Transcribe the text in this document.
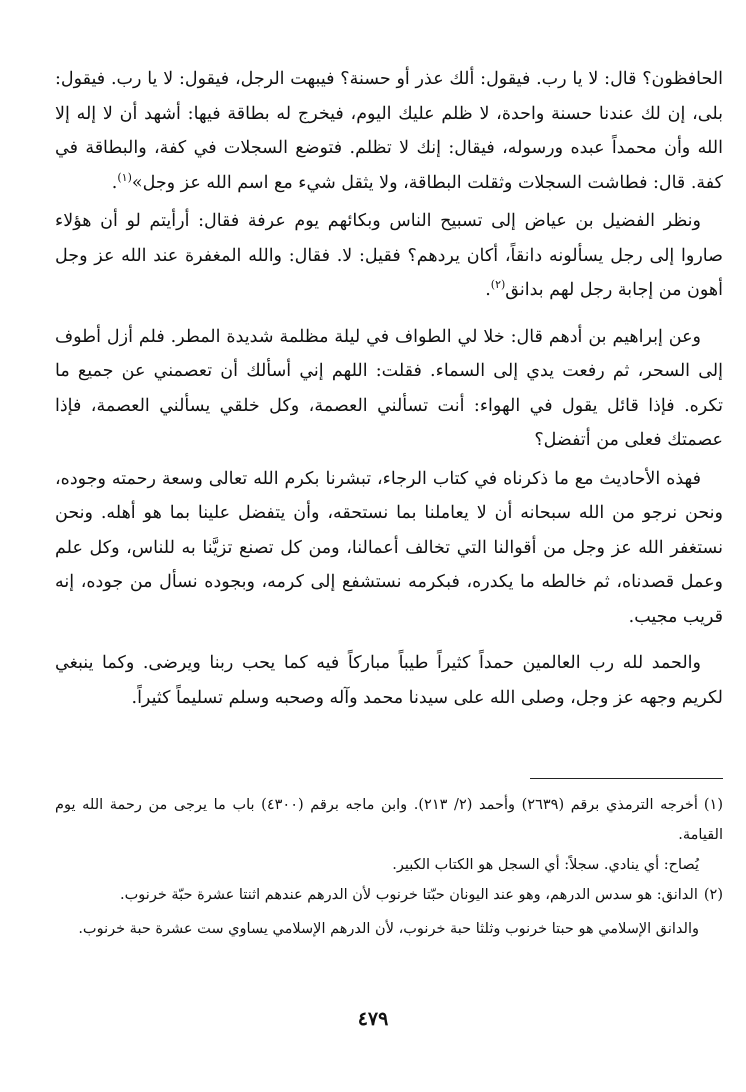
الحافظون؟ قال: لا يا رب. فيقول: ألك عذر أو حسنة؟ فيبهت الرجل، فيقول: لا يا رب. فيقول: بلى، إن لك عندنا حسنة واحدة، لا ظلم عليك اليوم، فيخرج له بطاقة فيها: أشهد أن لا إله إلا الله وأن محمداً عبده ورسوله، فيقال: إنك لا تظلم. فتوضع السجلات في كفة، والبطاقة في كفة. قال: فطاشت السجلات وثقلت البطاقة، ولا يثقل شيء مع اسم الله عز وجل»$^{(١)}$.

ونظر الفضيل بن عياض إلى تسبيح الناس وبكائهم يوم عرفة فقال: أرأيتم لو أن هؤلاء صاروا إلى رجل يسألونه دانقاً، أكان يردهم؟ فقيل: لا. فقال: والله المغفرة عند الله عز وجل أهون من إجابة رجل لهم بدانق$^{(٢)}$.

وعن إبراهيم بن أدهم قال: خلا لي الطواف في ليلة مظلمة شديدة المطر. فلم أزل أطوف إلى السحر، ثم رفعت يدي إلى السماء. فقلت: اللهم إني أسألك أن تعصمني عن جميع ما تكره. فإذا قائل يقول في الهواء: أنت تسألني العصمة، وكل خلقي يسألني العصمة، فإذا عصمتك فعلى من أتفضل؟

فهذه الأحاديث مع ما ذكرناه في كتاب الرجاء، تبشرنا بكرم الله تعالى وسعة رحمته وجوده، ونحن نرجو من الله سبحانه أن لا يعاملنا بما نستحقه، وأن يتفضل علينا بما هو أهله. ونحن نستغفر الله عز وجل من أقوالنا التي تخالف أعمالنا، ومن كل تصنع تزيَّنا به للناس، وكل علم وعمل قصدناه، ثم خالطه ما يكدره، فبكرمه نستشفع إلى كرمه، وبجوده نسأل من جوده، إنه قريب مجيب.

والحمد لله رب العالمين حمداً كثيراً طيباً مباركاً فيه كما يحب ربنا ويرضى. وكما ينبغي لكريم وجهه عز وجل، وصلى الله على سيدنا محمد وآله وصحبه وسلم تسليماً كثيراً.

(١)أخرجه الترمذي برقم (٢٦٣٩) وأحمد (٢/ ٢١٣). وابن ماجه برقم (٤٣٠٠) باب ما يرجى من رحمة الله يوم القيامة.

يُصاح: أي ينادي. سجلاً: أي السجل هو الكتاب الكبير.

(٢)الدانق: هو سدس الدرهم، وهو عند اليونان حبّتا خرنوب لأن الدرهم عندهم اثنتا عشرة حبّة خرنوب.

والدانق الإسلامي هو حبتا خرنوب وثلثا حبة خرنوب، لأن الدرهم الإسلامي يساوي ست عشرة حبة خرنوب.

٤٧٩
